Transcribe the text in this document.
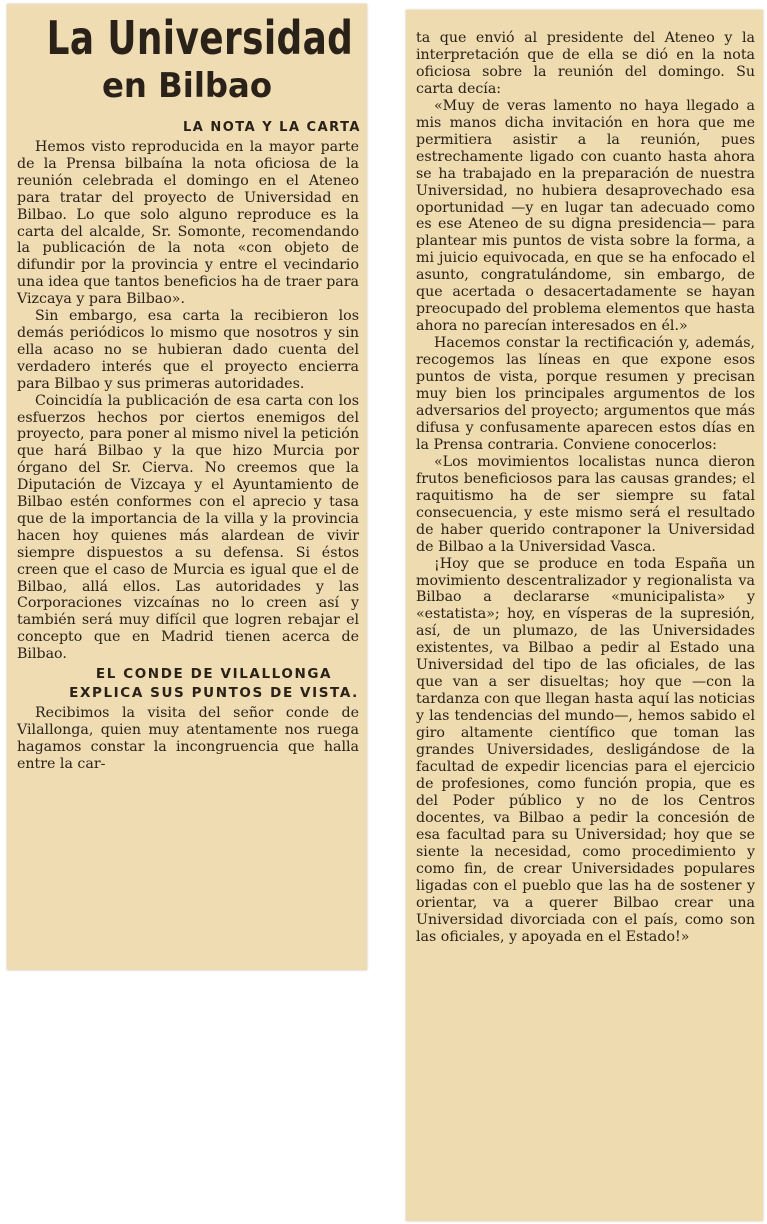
La Universidad
en Bilbao
LA NOTA Y LA CARTA

Hemos visto reproducida en la mayor parte de la Prensa bilbaína la nota oficiosa de la reunión celebrada el domingo en el Ateneo para tratar del proyecto de Universidad en Bilbao. Lo que solo alguno reproduce es la carta del alcalde, Sr. Somonte, recomendando la publicación de la nota «con objeto de difundir por la provincia y entre el vecindario una idea que tantos beneficios ha de traer para Vizcaya y para Bilbao».

Sin embargo, esa carta la recibieron los demás periódicos lo mismo que nosotros y sin ella acaso no se hubieran dado cuenta del verdadero interés que el proyecto encierra para Bilbao y sus primeras autoridades.

Coincidía la publicación de esa carta con los esfuerzos hechos por ciertos enemigos del proyecto, para poner al mismo nivel la petición que hará Bilbao y la que hizo Murcia por órgano del Sr. Cierva. No creemos que la Diputación de Vizcaya y el Ayuntamiento de Bilbao estén conformes con el aprecio y tasa que de la importancia de la villa y la provincia hacen hoy quienes más alardean de vivir siempre dispuestos a su defensa. Si éstos creen que el caso de Murcia es igual que el de Bilbao, allá ellos. Las autoridades y las Corporaciones vizcaínas no lo creen así y también será muy difícil que logren rebajar el concepto que en Madrid tienen acerca de Bilbao.

EL CONDE DE VILALLONGA EXPLICA SUS PUNTOS DE VISTA.

Recibimos la visita del señor conde de Vilallonga, quien muy atentamente nos ruega hagamos constar la incongruencia que halla entre la car-

ta que envió al presidente del Ateneo y la interpretación que de ella se dió en la nota oficiosa sobre la reunión del domingo. Su carta decía:

«Muy de veras lamento no haya llegado a mis manos dicha invitación en hora que me permitiera asistir a la reunión, pues estrechamente ligado con cuanto hasta ahora se ha trabajado en la preparación de nuestra Universidad, no hubiera desaprovechado esa oportunidad —y en lugar tan adecuado como es ese Ateneo de su digna presidencia— para plantear mis puntos de vista sobre la forma, a mi juicio equivocada, en que se ha enfocado el asunto, congratulándome, sin embargo, de que acertada o desacertadamente se hayan preocupado del problema elementos que hasta ahora no parecían interesados en él.»

Hacemos constar la rectificación y, además, recogemos las líneas en que expone esos puntos de vista, porque resumen y precisan muy bien los principales argumentos de los adversarios del proyecto; argumentos que más difusa y confusamente aparecen estos días en la Prensa contraria. Conviene conocerlos:

«Los movimientos localistas nunca dieron frutos beneficiosos para las causas grandes; el raquitismo ha de ser siempre su fatal consecuencia, y este mismo será el resultado de haber querido contraponer la Universidad de Bilbao a la Universidad Vasca.

¡Hoy que se produce en toda España un movimiento descentralizador y regionalista va Bilbao a declararse «municipalista» y «estatista»; hoy, en vísperas de la supresión, así, de un plumazo, de las Universidades existentes, va Bilbao a pedir al Estado una Universidad del tipo de las oficiales, de las que van a ser disueltas; hoy que —con la tardanza con que llegan hasta aquí las noticias y las tendencias del mundo—, hemos sabido el giro altamente científico que toman las grandes Universidades, desligándose de la facultad de expedir licencias para el ejercicio de profesiones, como función propia, que es del Poder público y no de los Centros docentes, va Bilbao a pedir la concesión de esa facultad para su Universidad; hoy que se siente la necesidad, como procedimiento y como fin, de crear Universidades populares ligadas con el pueblo que las ha de sostener y orientar, va a querer Bilbao crear una Universidad divorciada con el país, como son las oficiales, y apoyada en el Estado!»
